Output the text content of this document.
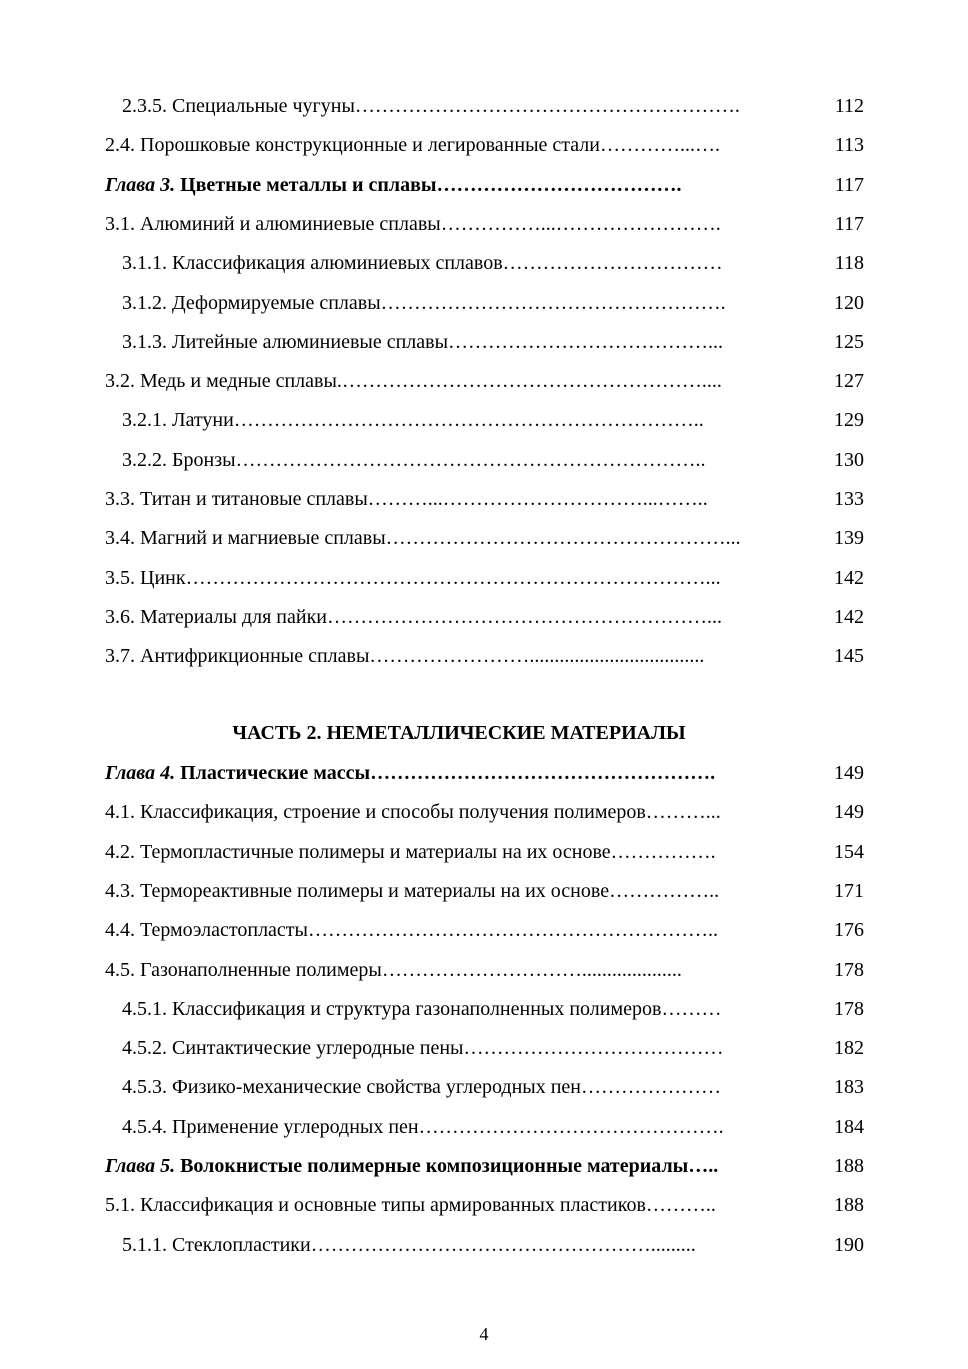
2.3.5. Специальные чугуны………………………………………………….	112
2.4. Порошковые конструкционные и легированные стали…………...….	113
Глава 3. Цветные металлы и сплавы……………………………….	117
3.1. Алюминий и алюминиевые сплавы……………...…………………….	117
3.1.1. Классификация алюминиевых сплавов……………………………	118
3.1.2. Деформируемые сплавы…………………………………………….	120
3.1.3. Литейные алюминиевые сплавы…………………………………...	125
3.2. Медь и медные сплавы.………………………………………………....	127
3.2.1. Латуни……………………………………………………………..	129
3.2.2. Бронзы……………………………………………………………..	130
3.3. Титан и титановые сплавы………...…………………………...……..	133
3.4. Магний и магниевые сплавы……………………………………………...	139
3.5. Цинк……………………………………………………………………...	142
3.6. Материалы для пайки…………………………………………………...	142
3.7. Антифрикционные сплавы……………………...................................	145
Глава 4. Пластические массы…………………………………………….	149
4.1. Классификация, строение и способы получения полимеров………...	149
4.2. Термопластичные полимеры и материалы на их основе…………….	154
4.3. Термореактивные полимеры и материалы на их основе……………..	171
4.4. Термоэластопласты……………………………………………………..	176
4.5. Газонаполненные полимеры…………………………....................	178
4.5.1. Классификация и структура газонаполненных полимеров………	178
4.5.2. Синтактические углеродные пены…………………………………	182
4.5.3. Физико-механические свойства углеродных пен…………………	183
4.5.4. Применение углеродных пен……………………………………….	184
Глава 5. Волокнистые полимерные композиционные материалы…..	188
5.1. Классификация и основные типы армированных пластиков………..	188
5.1.1. Стеклопластики…………………………………………….........	190
ЧАСТЬ 2. НЕМЕТАЛЛИЧЕСКИЕ МАТЕРИАЛЫ
4
